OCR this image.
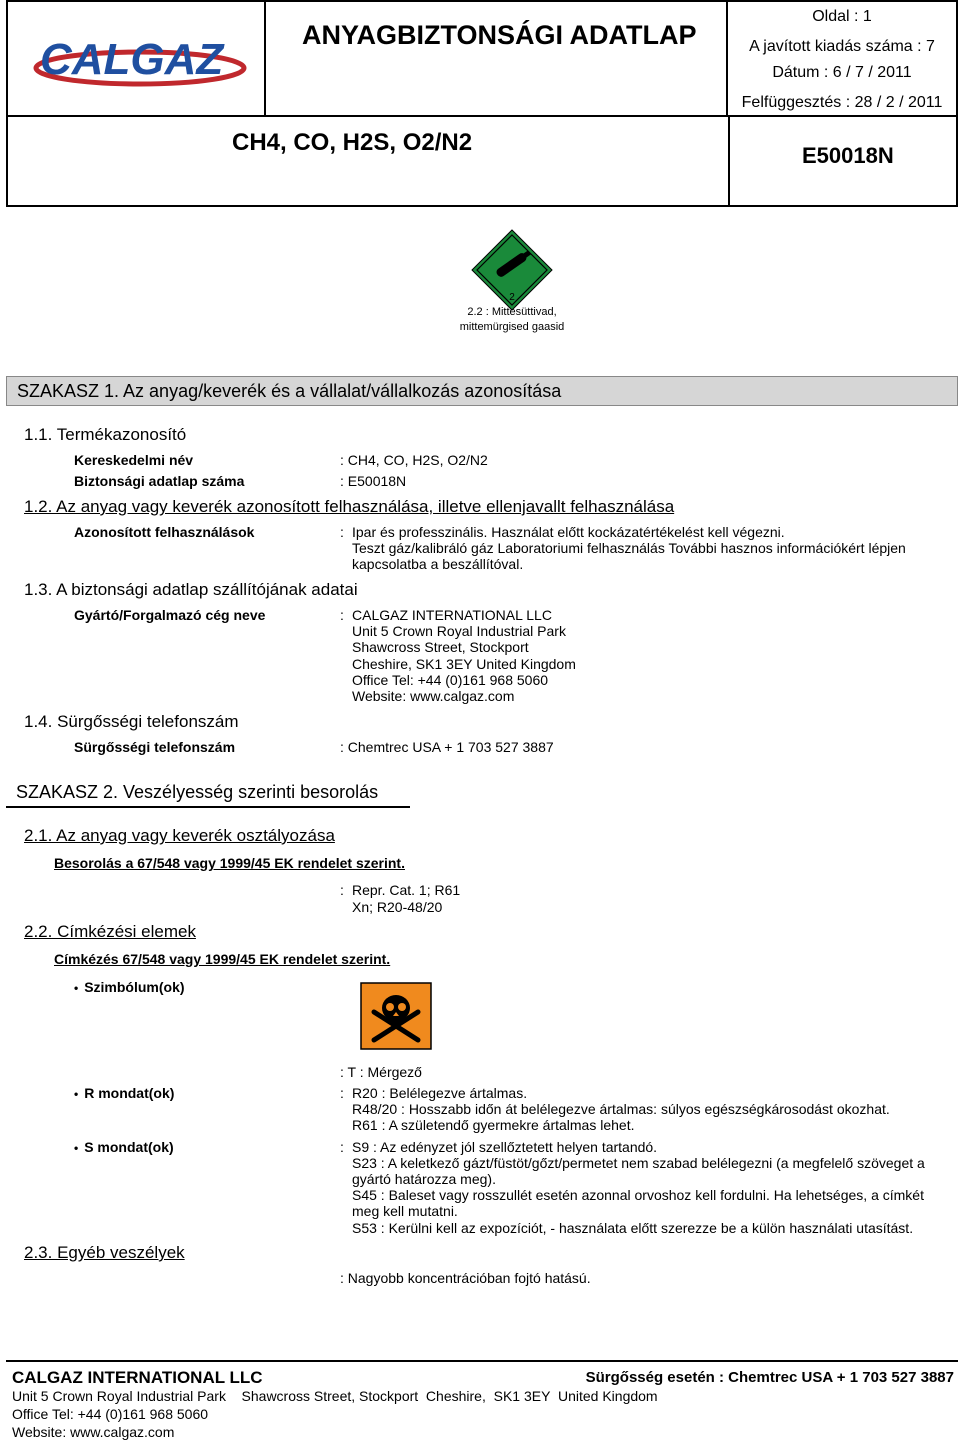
CALGAZ	ANYAGBIZTONSÁGI ADATLAP
Oldal : 1
A javított kiadás száma : 7
Dátum : 6 / 7 / 2011
Felfüggesztés : 28 / 2 / 2011
CH4, CO, H2S, O2/N2	E50018N
2
2.2 : Mittesüttivad,
mittemürgised gaasid
SZAKASZ 1. Az anyag/keverék és a vállalat/vállalkozás azonosítása
1.1. Termékazonosító
Kereskedelmi név	: CH4, CO, H2S, O2/N2
Biztonsági adatlap száma	: E50018N
1.2. Az anyag vagy keverék azonosított felhasználása, illetve ellenjavallt felhasználása
Azonosított felhasználások	: Ipar és professzinális. Használat előtt kockázatértékelést kell végezni.
Teszt gáz/kalibráló gáz Laboratoriumi felhasználás További hasznos információkért lépjen
kapcsolatba a beszállítóval.
1.3. A biztonsági adatlap szállítójának adatai
Gyártó/Forgalmazó cég neve	: CALGAZ INTERNATIONAL LLC
Unit 5 Crown Royal Industrial Park
Shawcross Street, Stockport
Cheshire, SK1 3EY United Kingdom
Office Tel: +44 (0)161 968 5060
Website: www.calgaz.com
1.4. Sürgősségi telefonszám
Sürgősségi telefonszám	: Chemtrec USA + 1 703 527 3887
SZAKASZ 2. Veszélyesség szerinti besorolás
2.1. Az anyag vagy keverék osztályozása
Besorolás a 67/548 vagy 1999/45 EK rendelet szerint.
: Repr. Cat. 1; R61
Xn; R20-48/20
2.2. Címkézési elemek
Címkézés 67/548 vagy 1999/45 EK rendelet szerint.
• Szimbólum(ok)
: T : Mérgező
• R mondat(ok)	: R20 : Belélegezve ártalmas.
R48/20 : Hosszabb időn át belélegezve ártalmas: súlyos egészségkárosodást okozhat.
R61 : A születendő gyermekre ártalmas lehet.
• S mondat(ok)	: S9 : Az edényzet jól szellőztetett helyen tartandó.
S23 : A keletkező gázt/füstöt/gőzt/permetet nem szabad belélegezni (a megfelelő szöveget a
gyártó határozza meg).
S45 : Baleset vagy rosszullét esetén azonnal orvoshoz kell fordulni. Ha lehetséges, a címkét
meg kell mutatni.
S53 : Kerülni kell az expozíciót, - használata előtt szerezze be a külön használati utasítást.
2.3. Egyéb veszélyek
: Nagyobb koncentrációban fojtó hatású.
CALGAZ INTERNATIONAL LLC	Sürgősség esetén : Chemtrec USA + 1 703 527 3887
Unit 5 Crown Royal Industrial Park    Shawcross Street, Stockport  Cheshire,  SK1 3EY  United Kingdom
Office Tel: +44 (0)161 968 5060
Website: www.calgaz.com
